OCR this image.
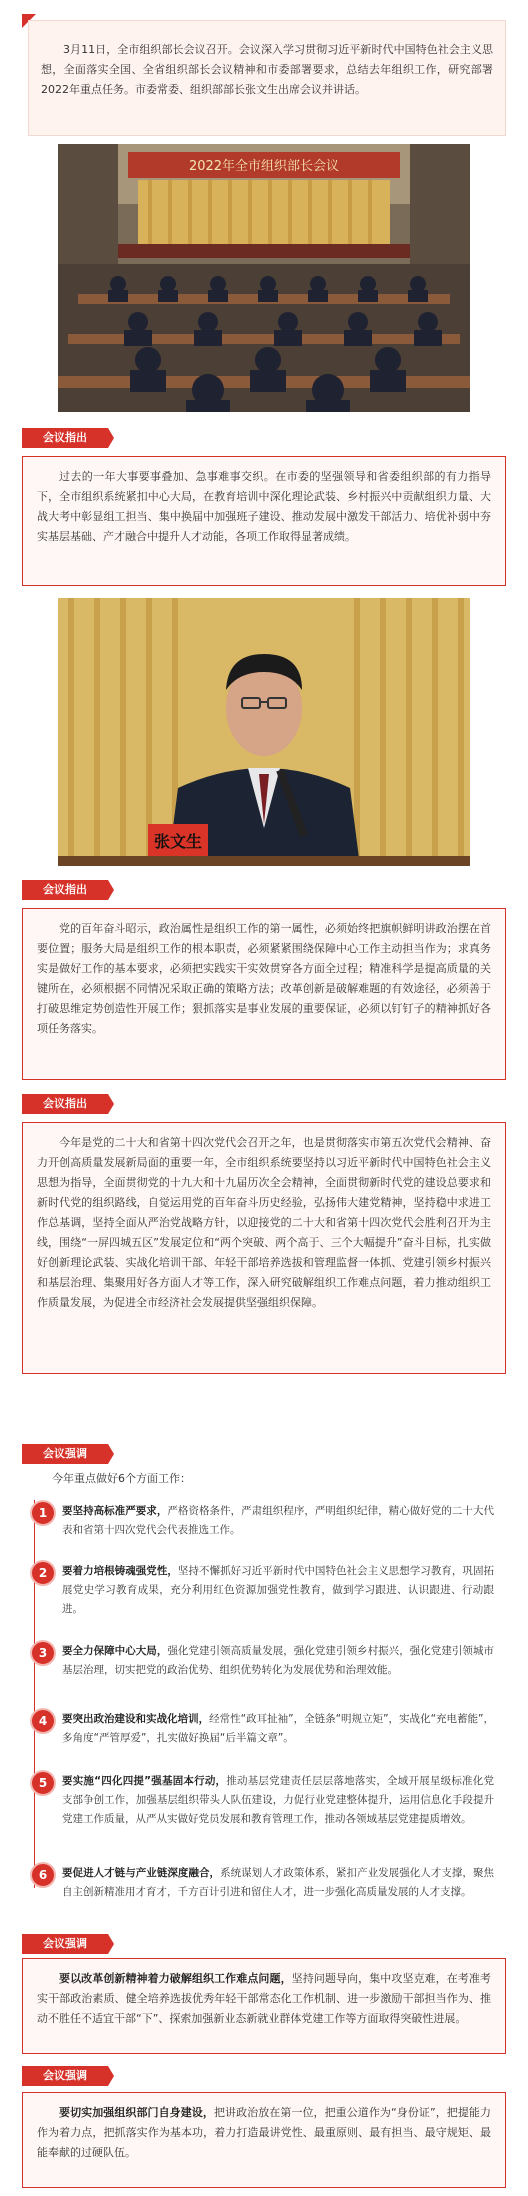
3月11日，全市组织部长会议召开。会议深入学习贯彻习近平新时代中国特色社会主义思想，全面落实全国、全省组织部长会议精神和市委部署要求，总结去年组织工作，研究部署2022年重点任务。市委常委、组织部部长张文生出席会议并讲话。

2022年全市组织部长会议
会议指出

过去的一年大事要事叠加、急事难事交织。在市委的坚强领导和省委组织部的有力指导下，全市组织系统紧扣中心大局，在教育培训中深化理论武装、乡村振兴中贡献组织力量、大战大考中彰显组工担当、集中换届中加强班子建设、推动发展中激发干部活力、培优补弱中夯实基层基础、产才融合中提升人才动能，各项工作取得显著成绩。

张文生
会议指出

党的百年奋斗昭示，政治属性是组织工作的第一属性，必须始终把旗帜鲜明讲政治摆在首要位置；服务大局是组织工作的根本职责，必须紧紧围绕保障中心工作主动担当作为；求真务实是做好工作的基本要求，必须把实践实干实效贯穿各方面全过程；精准科学是提高质量的关键所在，必须根据不同情况采取正确的策略方法；改革创新是破解难题的有效途径，必须善于打破思维定势创造性开展工作；狠抓落实是事业发展的重要保证，必须以钉钉子的精神抓好各项任务落实。

会议指出

今年是党的二十大和省第十四次党代会召开之年，也是贯彻落实市第五次党代会精神、奋力开创高质量发展新局面的重要一年，全市组织系统要坚持以习近平新时代中国特色社会主义思想为指导，全面贯彻党的十九大和十九届历次全会精神，全面贯彻新时代党的建设总要求和新时代党的组织路线，自觉运用党的百年奋斗历史经验，弘扬伟大建党精神，坚持稳中求进工作总基调，坚持全面从严治党战略方针，以迎接党的二十大和省第十四次党代会胜利召开为主线，围绕“一屏四城五区”发展定位和“两个突破、两个高于、三个大幅提升”奋斗目标，扎实做好创新理论武装、实战化培训干部、年轻干部培养选拔和管理监督一体抓、党建引领乡村振兴和基层治理、集聚用好各方面人才等工作，深入研究破解组织工作难点问题，着力推动组织工作质量发展，为促进全市经济社会发展提供坚强组织保障。

会议强调
今年重点做好6个方面工作：
1	要坚持高标准严要求，严格资格条件，严肃组织程序，严明组织纪律，精心做好党的二十大代表和省第十四次党代会代表推选工作。
2	要着力培根铸魂强党性，坚持不懈抓好习近平新时代中国特色社会主义思想学习教育，巩固拓展党史学习教育成果，充分利用红色资源加强党性教育，做到学习跟进、认识跟进、行动跟进。
3	要全力保障中心大局，强化党建引领高质量发展，强化党建引领乡村振兴，强化党建引领城市基层治理，切实把党的政治优势、组织优势转化为发展优势和治理效能。
4	要突出政治建设和实战化培训，经常性“政耳扯袖”，全链条“明规立矩”，实战化“充电蓄能”，多角度“严管厚爱”，扎实做好换届“后半篇文章”。
5	要实施“四化四提”强基固本行动，推动基层党建责任层层落地落实，全域开展星级标准化党支部争创工作，加强基层组织带头人队伍建设，力促行业党建整体提升，运用信息化手段提升党建工作质量，从严从实做好党员发展和教育管理工作，推动各领域基层党建提质增效。
6	要促进人才链与产业链深度融合，系统谋划人才政策体系，紧扣产业发展强化人才支撑，聚焦自主创新精准用才育才，千方百计引进和留住人才，进一步强化高质量发展的人才支撑。
会议强调

要以改革创新精神着力破解组织工作难点问题，坚持问题导向，集中攻坚克难，在考准考实干部政治素质、健全培养选拔优秀年轻干部常态化工作机制、进一步激励干部担当作为、推动不胜任不适宜干部“下”、探索加强新业态新就业群体党建工作等方面取得突破性进展。

会议强调

要切实加强组织部门自身建设，把讲政治放在第一位，把重公道作为“身份证”，把提能力作为着力点，把抓落实作为基本功，着力打造最讲党性、最重原则、最有担当、最守规矩、最能奉献的过硬队伍。
